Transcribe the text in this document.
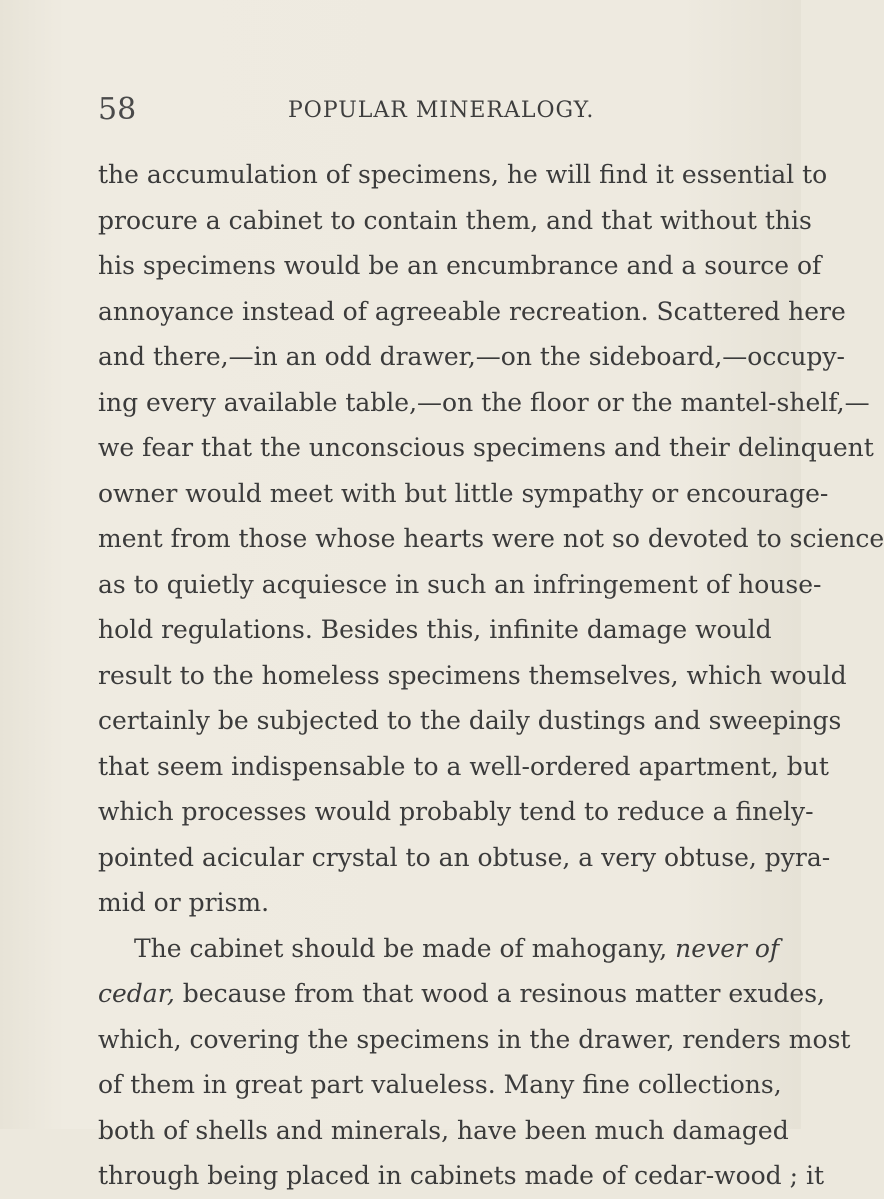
58	POPULAR MINERALOGY.
the accumulation of specimens, he will find it essential to
procure a cabinet to contain them, and that without this
his specimens would be an encumbrance and a source of
annoyance instead of agreeable recreation. Scattered here
and there,—in an odd drawer,—on the sideboard,—occupy-
ing every available table,—on the floor or the mantel-shelf,—
we fear that the unconscious specimens and their delinquent
owner would meet with but little sympathy or encourage-
ment from those whose hearts were not so devoted to science
as to quietly acquiesce in such an infringement of house-
hold regulations. Besides this, infinite damage would
result to the homeless specimens themselves, which would
certainly be subjected to the daily dustings and sweepings
that seem indispensable to a well-ordered apartment, but
which processes would probably tend to reduce a finely-
pointed acicular crystal to an obtuse, a very obtuse, pyra-
mid or prism.
The cabinet should be made of mahogany, never of
cedar, because from that wood a resinous matter exudes,
which, covering the specimens in the drawer, renders most
of them in great part valueless. Many fine collections,
both of shells and minerals, have been much damaged
through being placed in cabinets made of cedar-wood ; it
